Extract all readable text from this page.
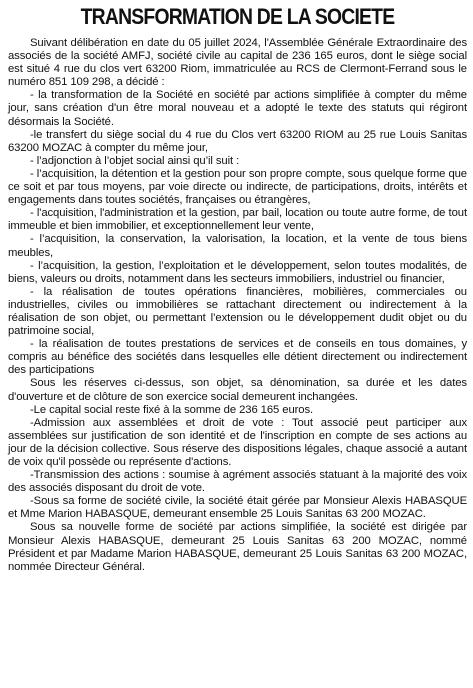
TRANSFORMATION DE LA SOCIETE

Suivant délibération en date du 05 juillet 2024, l'Assemblée Générale Extraordinaire des associés de la société AMFJ, société civile au capital de 236 165 euros, dont le siège social est situé 4 rue du clos vert 63200 Riom, immatriculée au RCS de Clermont-Ferrand sous le numéro 851 109 298, a décidé :

- la transformation de la Société en société par actions simplifiée à compter du même jour, sans création d'un être moral nouveau et a adopté le texte des statuts qui régiront désormais la Société.

-le transfert du siège social du 4 rue du Clos vert 63200 RIOM au 25 rue Louis Sanitas 63200 MOZAC à compter du même jour,

- l’adjonction à l’objet social ainsi qu’il suit :

- l’acquisition, la détention et la gestion pour son propre compte, sous quelque forme que ce soit et par tous moyens, par voie directe ou indirecte, de participations, droits, intérêts et engagements dans toutes sociétés, françaises ou étrangères,

- l'acquisition, l'administration et la gestion, par bail, location ou toute autre forme, de tout immeuble et bien immobilier, et exceptionnellement leur vente,

- l’acquisition, la conservation, la valorisation, la location, et la vente de tous biens meubles,

- l’acquisition, la gestion, l’exploitation et le développement, selon toutes modalités, de biens, valeurs ou droits, notamment dans les secteurs immobiliers, industriel ou financier,

- la réalisation de toutes opérations financières, mobilières, commerciales ou industrielles, civiles ou immobilières se rattachant directement ou indirectement à la réalisation de son objet, ou permettant l’extension ou le développement dudit objet ou du patrimoine social,

- la réalisation de toutes prestations de services et de conseils en tous domaines, y compris au bénéfice des sociétés dans lesquelles elle détient directement ou indirectement des participations

Sous les réserves ci-dessus, son objet, sa dénomination, sa durée et les dates d'ouverture et de clôture de son exercice social demeurent inchangées.

-Le capital social reste fixé à la somme de 236 165 euros.

-Admission aux assemblées et droit de vote : Tout associé peut participer aux assemblées sur justification de son identité et de l'inscription en compte de ses actions au jour de la décision collective. Sous réserve des dispositions légales, chaque associé a autant de voix qu'il possède ou représente d'actions.

-Transmission des actions : soumise à agrément associés statuant à la majorité des voix des associés disposant du droit de vote.

-Sous sa forme de société civile, la société était gérée par Monsieur Alexis HABASQUE et Mme Marion HABASQUE, demeurant ensemble 25 Louis Sanitas 63 200 MOZAC.

Sous sa nouvelle forme de société par actions simplifiée, la société est dirigée par Monsieur Alexis HABASQUE, demeurant 25 Louis Sanitas 63 200 MOZAC, nommé Président et par Madame Marion HABASQUE, demeurant 25 Louis Sanitas 63 200 MOZAC, nommée Directeur Général.
